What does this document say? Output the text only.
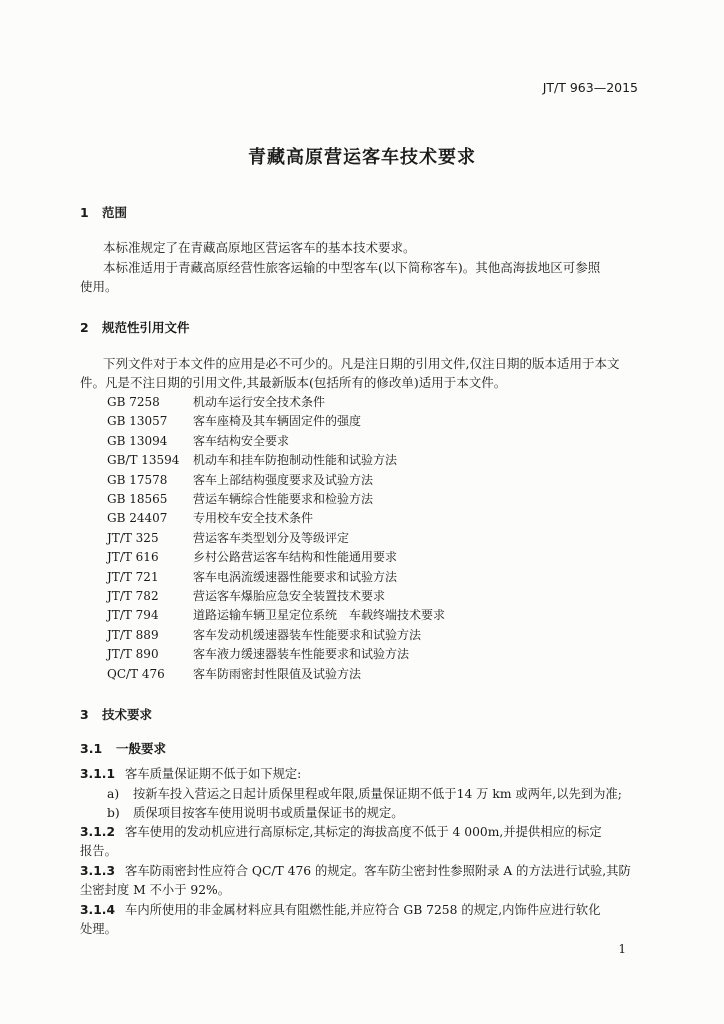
JT/T 963—2015
青藏高原营运客车技术要求
1 范围
本标准规定了在青藏高原地区营运客车的基本技术要求。
本标准适用于青藏高原经营性旅客运输的中型客车(以下简称客车)。其他高海拔地区可参照
使用。
2 规范性引用文件
下列文件对于本文件的应用是必不可少的。凡是注日期的引用文件,仅注日期的版本适用于本文
件。凡是不注日期的引用文件,其最新版本(包括所有的修改单)适用于本文件。
GB 7258	机动车运行安全技术条件
GB 13057 客车座椅及其车辆固定件的强度
GB 13094 客车结构安全要求
GB/T 13594 机动车和挂车防抱制动性能和试验方法
GB 17578 客车上部结构强度要求及试验方法
GB 18565 营运车辆综合性能要求和检验方法
GB 24407 专用校车安全技术条件
JT/T 325	营运客车类型划分及等级评定
JT/T 616	乡村公路营运客车结构和性能通用要求
JT/T 721	客车电涡流缓速器性能要求和试验方法
JT/T 782	营运客车爆胎应急安全装置技术要求
JT/T 794	道路运输车辆卫星定位系统　车载终端技术要求
JT/T 889	客车发动机缓速器装车性能要求和试验方法
JT/T 890	客车液力缓速器装车性能要求和试验方法
QC/T 476 客车防雨密封性限值及试验方法
3 技术要求
3.1 一般要求
3.1.1 客车质量保证期不低于如下规定:
a) 按新车投入营运之日起计质保里程或年限,质量保证期不低于14 万 km 或两年,以先到为准;
b) 质保项目按客车使用说明书或质量保证书的规定。
3.1.2 客车使用的发动机应进行高原标定,其标定的海拔高度不低于 4 000m,并提供相应的标定
报告。
3.1.3 客车防雨密封性应符合 QC/T 476 的规定。客车防尘密封性参照附录 A 的方法进行试验,其防
尘密封度 M 不小于 92%。
3.1.4 车内所使用的非金属材料应具有阻燃性能,并应符合 GB 7258 的规定,内饰件应进行软化
处理。
1
